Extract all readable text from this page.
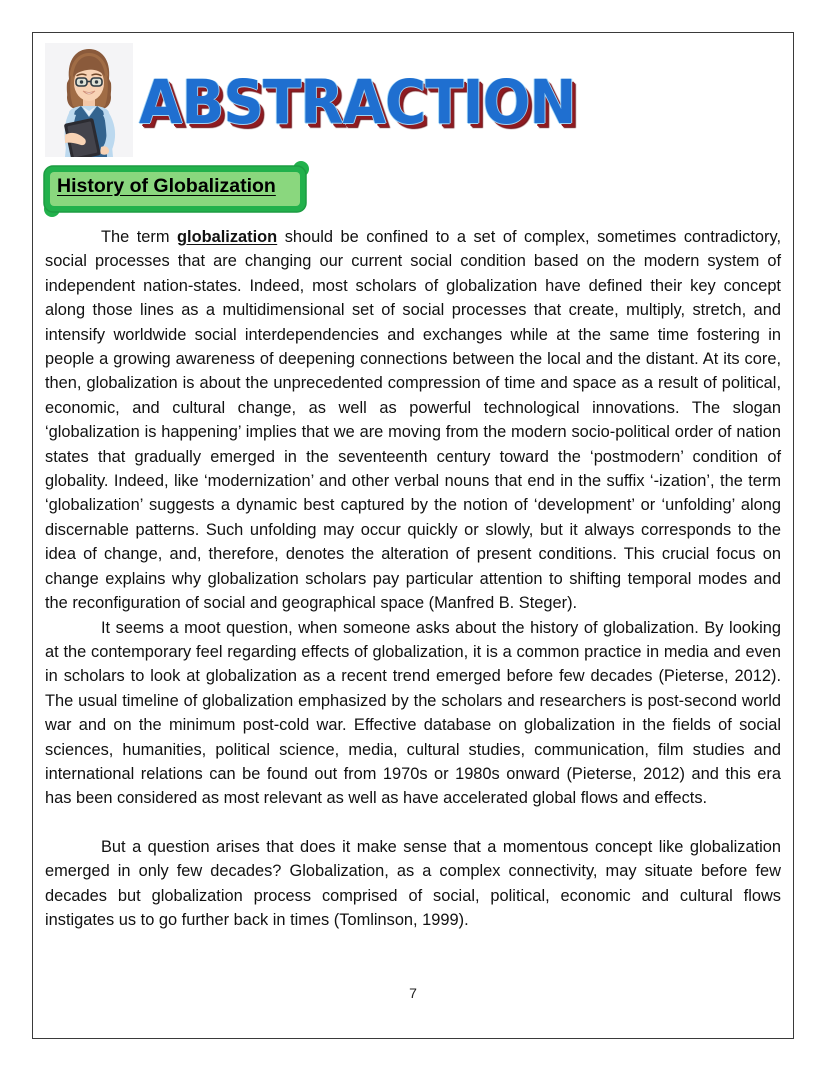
ABSTRACTION
History of Globalization

The term globalization should be confined to a set of complex, sometimes contradictory, social processes that are changing our current social condition based on the modern system of independent nation-states. Indeed, most scholars of globalization have defined their key concept along those lines as a multidimensional set of social processes that create, multiply, stretch, and intensify worldwide social interdependencies and exchanges while at the same time fostering in people a growing awareness of deepening connections between the local and the distant. At its core, then, globalization is about the unprecedented compression of time and space as a result of political, economic, and cultural change, as well as powerful technological innovations. The slogan ‘globalization is happening’ implies that we are moving from the modern socio-political order of nation states that gradually emerged in the seventeenth century toward the ‘postmodern’ condition of globality. Indeed, like ‘modernization’ and other verbal nouns that end in the suffix ‘-ization’, the term ‘globalization’ suggests a dynamic best captured by the notion of ‘development’ or ‘unfolding’ along discernable patterns. Such unfolding may occur quickly or slowly, but it always corresponds to the idea of change, and, therefore, denotes the alteration of present conditions. This crucial focus on change explains why globalization scholars pay particular attention to shifting temporal modes and the reconfiguration of social and geographical space (Manfred B. Steger).

It seems a moot question, when someone asks about the history of globalization. By looking at the contemporary feel regarding effects of globalization, it is a common practice in media and even in scholars to look at globalization as a recent trend emerged before few decades (Pieterse, 2012). The usual timeline of globalization emphasized by the scholars and researchers is post-second world war and on the minimum post-cold war. Effective database on globalization in the fields of social sciences, humanities, political science, media, cultural studies, communication, film studies and international relations can be found out from 1970s or 1980s onward (Pieterse, 2012) and this era has been considered as most relevant as well as have accelerated global flows and effects.

But a question arises that does it make sense that a momentous concept like globalization emerged in only few decades? Globalization, as a complex connectivity, may situate before few decades but globalization process comprised of social, political, economic and cultural flows instigates us to go further back in times (Tomlinson, 1999).

7
